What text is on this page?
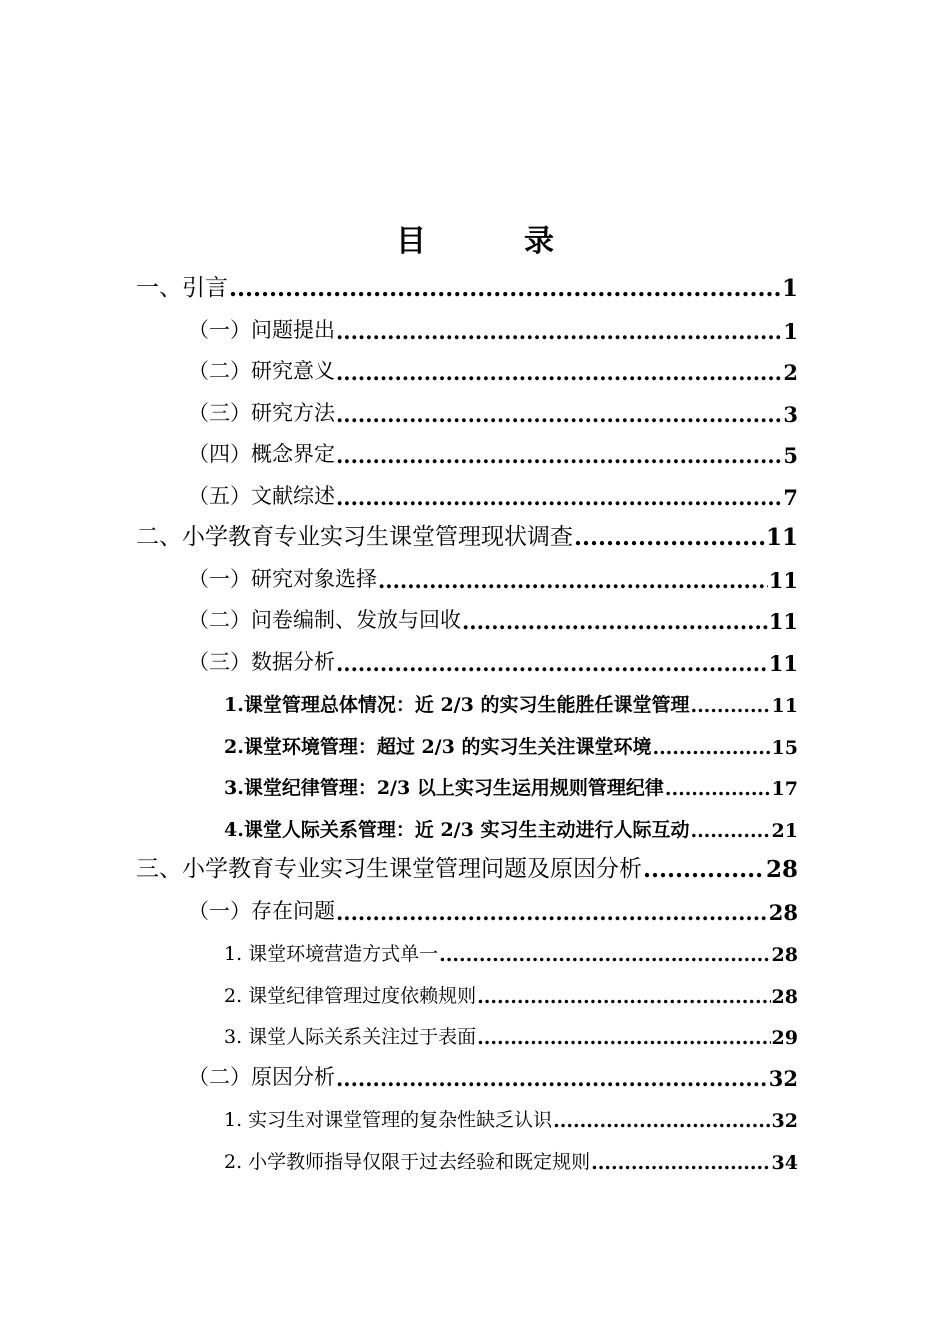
目　录
一、引言 .....	1
（一）问题提出 .....	1
（二）研究意义 .....	2
（三）研究方法 .....	3
（四）概念界定 .....	5
（五）文献综述 .....	7
二、小学教育专业实习生课堂管理现状调查 .....	11
（一）研究对象选择 .....	11
（二）问卷编制、发放与回收 .....	11
（三）数据分析 .....	11
1.课堂管理总体情况：近 2/3 的实习生能胜任课堂管理 .....	11
2.课堂环境管理：超过 2/3 的实习生关注课堂环境 .....	15
3.课堂纪律管理：2/3 以上实习生运用规则管理纪律 .....	17
4.课堂人际关系管理：近 2/3 实习生主动进行人际互动 .....	21
三、小学教育专业实习生课堂管理问题及原因分析 .....	28
（一）存在问题 .....	28
1. 课堂环境营造方式单一 .....	28
2. 课堂纪律管理过度依赖规则 .....	28
3. 课堂人际关系关注过于表面 .....	29
（二）原因分析 .....	32
1. 实习生对课堂管理的复杂性缺乏认识 .....	32
2. 小学教师指导仅限于过去经验和既定规则 .....	34
